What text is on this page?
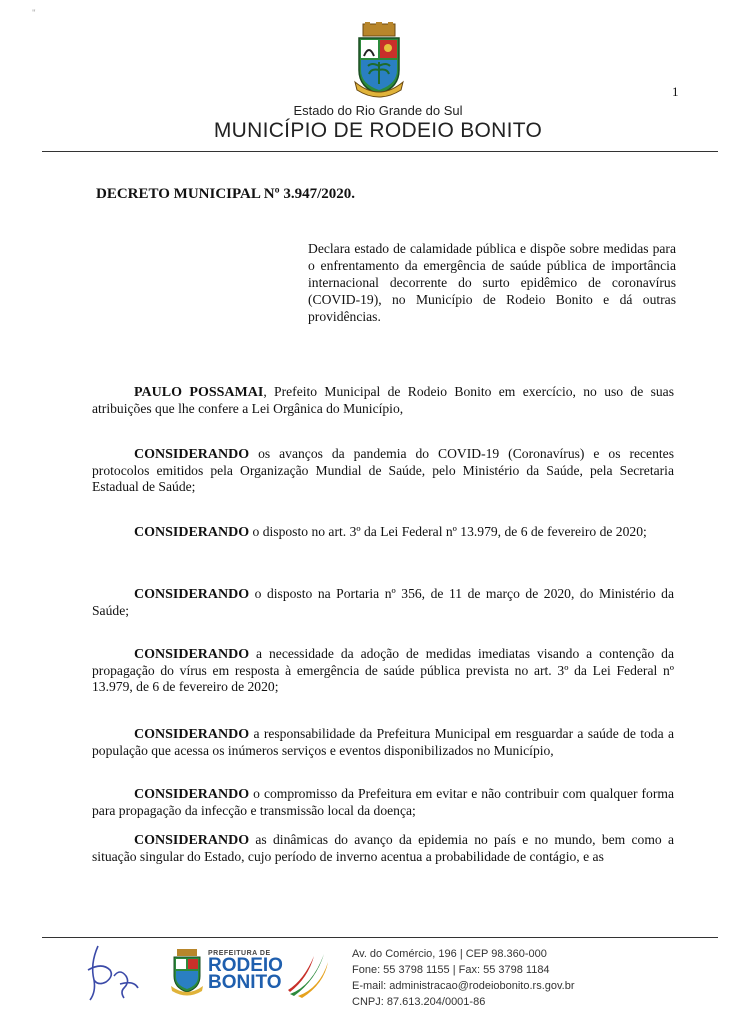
"
1
Estado do Rio Grande do Sul
MUNICÍPIO DE RODEIO BONITO
DECRETO MUNICIPAL Nº 3.947/2020.
Declara estado de calamidade pública e dispõe sobre medidas para o enfrentamento da emergência de saúde pública de importância internacional decorrente do surto epidêmico de coronavírus (COVID-19), no Município de Rodeio Bonito e dá outras providências.
PAULO POSSAMAI, Prefeito Municipal de Rodeio Bonito em exercício, no uso de suas atribuições que lhe confere a Lei Orgânica do Município,
CONSIDERANDO os avanços da pandemia do COVID-19 (Coronavírus) e os recentes protocolos emitidos pela Organização Mundial de Saúde, pelo Ministério da Saúde, pela Secretaria Estadual de Saúde;
CONSIDERANDO o disposto no art. 3º da Lei Federal nº 13.979, de 6 de fevereiro de 2020;
CONSIDERANDO o disposto na Portaria nº 356, de 11 de março de 2020, do Ministério da Saúde;
CONSIDERANDO a necessidade da adoção de medidas imediatas visando a contenção da propagação do vírus em resposta à emergência de saúde pública prevista no art. 3º da Lei Federal nº 13.979, de 6 de fevereiro de 2020;
CONSIDERANDO a responsabilidade da Prefeitura Municipal em resguardar a saúde de toda a população que acessa os inúmeros serviços e eventos disponibilizados no Município,
CONSIDERANDO o compromisso da Prefeitura em evitar e não contribuir com qualquer forma para propagação da infecção e transmissão local da doença;
CONSIDERANDO as dinâmicas do avanço da epidemia no país e no mundo, bem como a situação singular do Estado, cujo período de inverno acentua a probabilidade de contágio, e as
PREFEITURA DE
RODEIO
BONITO
Av. do Comércio, 196 | CEP 98.360-000
Fone: 55 3798 1155 | Fax: 55 3798 1184
E-mail: administracao@rodeiobonito.rs.gov.br
CNPJ: 87.613.204/0001-86
